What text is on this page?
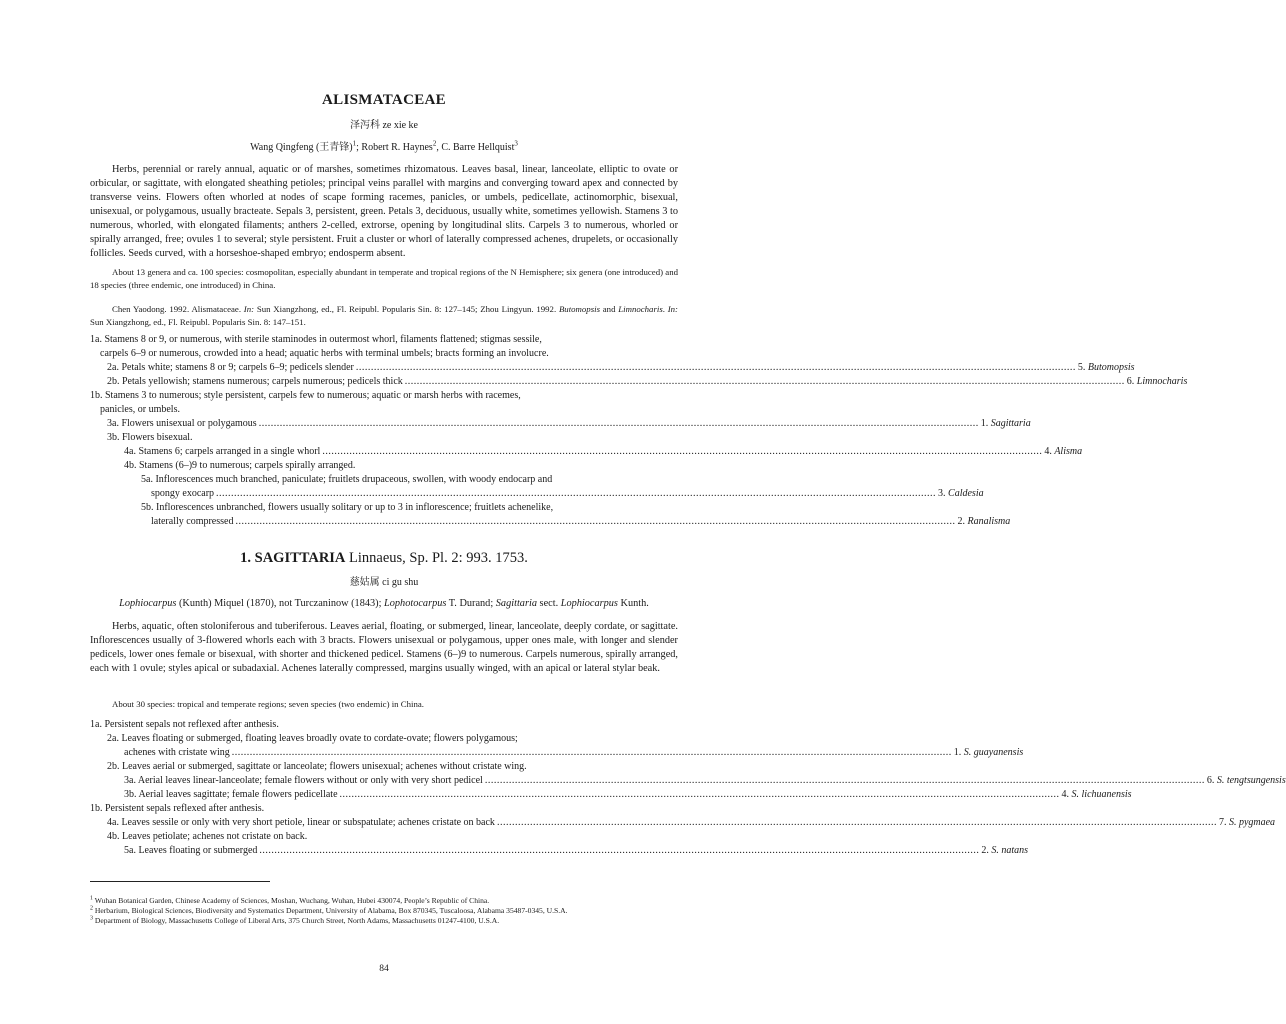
ALISMATACEAE
泽泻科 ze xie ke
Wang Qingfeng (王青锋)$^1$; Robert R. Haynes$^2$, C. Barre Hellquist$^3$
Herbs, perennial or rarely annual, aquatic or of marshes, sometimes rhizomatous. Leaves basal, linear, lanceolate, elliptic to ovate or orbicular, or sagittate, with elongated sheathing petioles; principal veins parallel with margins and converging toward apex and connected by transverse veins. Flowers often whorled at nodes of scape forming racemes, panicles, or umbels, pedicellate, actinomorphic, bisexual, unisexual, or polygamous, usually bracteate. Sepals 3, persistent, green. Petals 3, deciduous, usually white, sometimes yellowish. Stamens 3 to numerous, whorled, with elongated filaments; anthers 2-celled, extrorse, opening by longitudinal slits. Carpels 3 to numerous, whorled or spirally arranged, free; ovules 1 to several; style persistent. Fruit a cluster or whorl of laterally compressed achenes, drupelets, or occasionally follicles. Seeds curved, with a horseshoe-shaped embryo; endosperm absent.
About 13 genera and ca. 100 species: cosmopolitan, especially abundant in temperate and tropical regions of the N Hemisphere; six genera (one introduced) and 18 species (three endemic, one introduced) in China.
Chen Yaodong. 1992. Alismataceae. In: Sun Xiangzhong, ed., Fl. Reipubl. Popularis Sin. 8: 127–145; Zhou Lingyun. 1992. Butomopsis and Limnocharis. In: Sun Xiangzhong, ed., Fl. Reipubl. Popularis Sin. 8: 147–151.
1a. Stamens 8 or 9, or numerous, with sterile staminodes in outermost whorl, filaments flattened; stigmas sessile,
carpels 6–9 or numerous, crowded into a head; aquatic herbs with terminal umbels; bracts forming an involucre.
2a. Petals white; stamens 8 or 9; carpels 6–9; pedicels slender ................................................................................................................................................................................................................................................ 5. Butomopsis
2b. Petals yellowish; stamens numerous; carpels numerous; pedicels thick ................................................................................................................................................................................................................................................ 6. Limnocharis
1b. Stamens 3 to numerous; style persistent, carpels few to numerous; aquatic or marsh herbs with racemes,
panicles, or umbels.
3a. Flowers unisexual or polygamous ................................................................................................................................................................................................................................................ 1. Sagittaria
3b. Flowers bisexual.
4a. Stamens 6; carpels arranged in a single whorl ................................................................................................................................................................................................................................................ 4. Alisma
4b. Stamens (6–)9 to numerous; carpels spirally arranged.
5a. Inflorescences much branched, paniculate; fruitlets drupaceous, swollen, with woody endocarp and
spongy exocarp ................................................................................................................................................................................................................................................ 3. Caldesia
5b. Inflorescences unbranched, flowers usually solitary or up to 3 in inflorescence; fruitlets achenelike,
laterally compressed ................................................................................................................................................................................................................................................ 2. Ranalisma
1. SAGITTARIA Linnaeus, Sp. Pl. 2: 993. 1753.
慈姑属 ci gu shu
Lophiocarpus (Kunth) Miquel (1870), not Turczaninow (1843); Lophotocarpus T. Durand; Sagittaria sect. Lophiocarpus Kunth.
Herbs, aquatic, often stoloniferous and tuberiferous. Leaves aerial, floating, or submerged, linear, lanceolate, deeply cordate, or sagittate. Inflorescences usually of 3-flowered whorls each with 3 bracts. Flowers unisexual or polygamous, upper ones male, with longer and slender pedicels, lower ones female or bisexual, with shorter and thickened pedicel. Stamens (6–)9 to numerous. Carpels numerous, spirally arranged, each with 1 ovule; styles apical or subadaxial. Achenes laterally compressed, margins usually winged, with an apical or lateral stylar beak.
About 30 species: tropical and temperate regions; seven species (two endemic) in China.
1a. Persistent sepals not reflexed after anthesis.
2a. Leaves floating or submerged, floating leaves broadly ovate to cordate-ovate; flowers polygamous;
achenes with cristate wing ................................................................................................................................................................................................................................................ 1. S. guayanensis
2b. Leaves aerial or submerged, sagittate or lanceolate; flowers unisexual; achenes without cristate wing.
3a. Aerial leaves linear-lanceolate; female flowers without or only with very short pedicel ................................................................................................................................................................................................................................................ 6. S. tengtsungensis
3b. Aerial leaves sagittate; female flowers pedicellate ................................................................................................................................................................................................................................................ 4. S. lichuanensis
1b. Persistent sepals reflexed after anthesis.
4a. Leaves sessile or only with very short petiole, linear or subspatulate; achenes cristate on back ................................................................................................................................................................................................................................................ 7. S. pygmaea
4b. Leaves petiolate; achenes not cristate on back.
5a. Leaves floating or submerged ................................................................................................................................................................................................................................................ 2. S. natans
$^1$ Wuhan Botanical Garden, Chinese Academy of Sciences, Moshan, Wuchang, Wuhan, Hubei 430074, People’s Republic of China.
$^2$ Herbarium, Biological Sciences, Biodiversity and Systematics Department, University of Alabama, Box 870345, Tuscaloosa, Alabama 35487-0345, U.S.A.
$^3$ Department of Biology, Massachusetts College of Liberal Arts, 375 Church Street, North Adams, Massachusetts 01247-4100, U.S.A.
84
